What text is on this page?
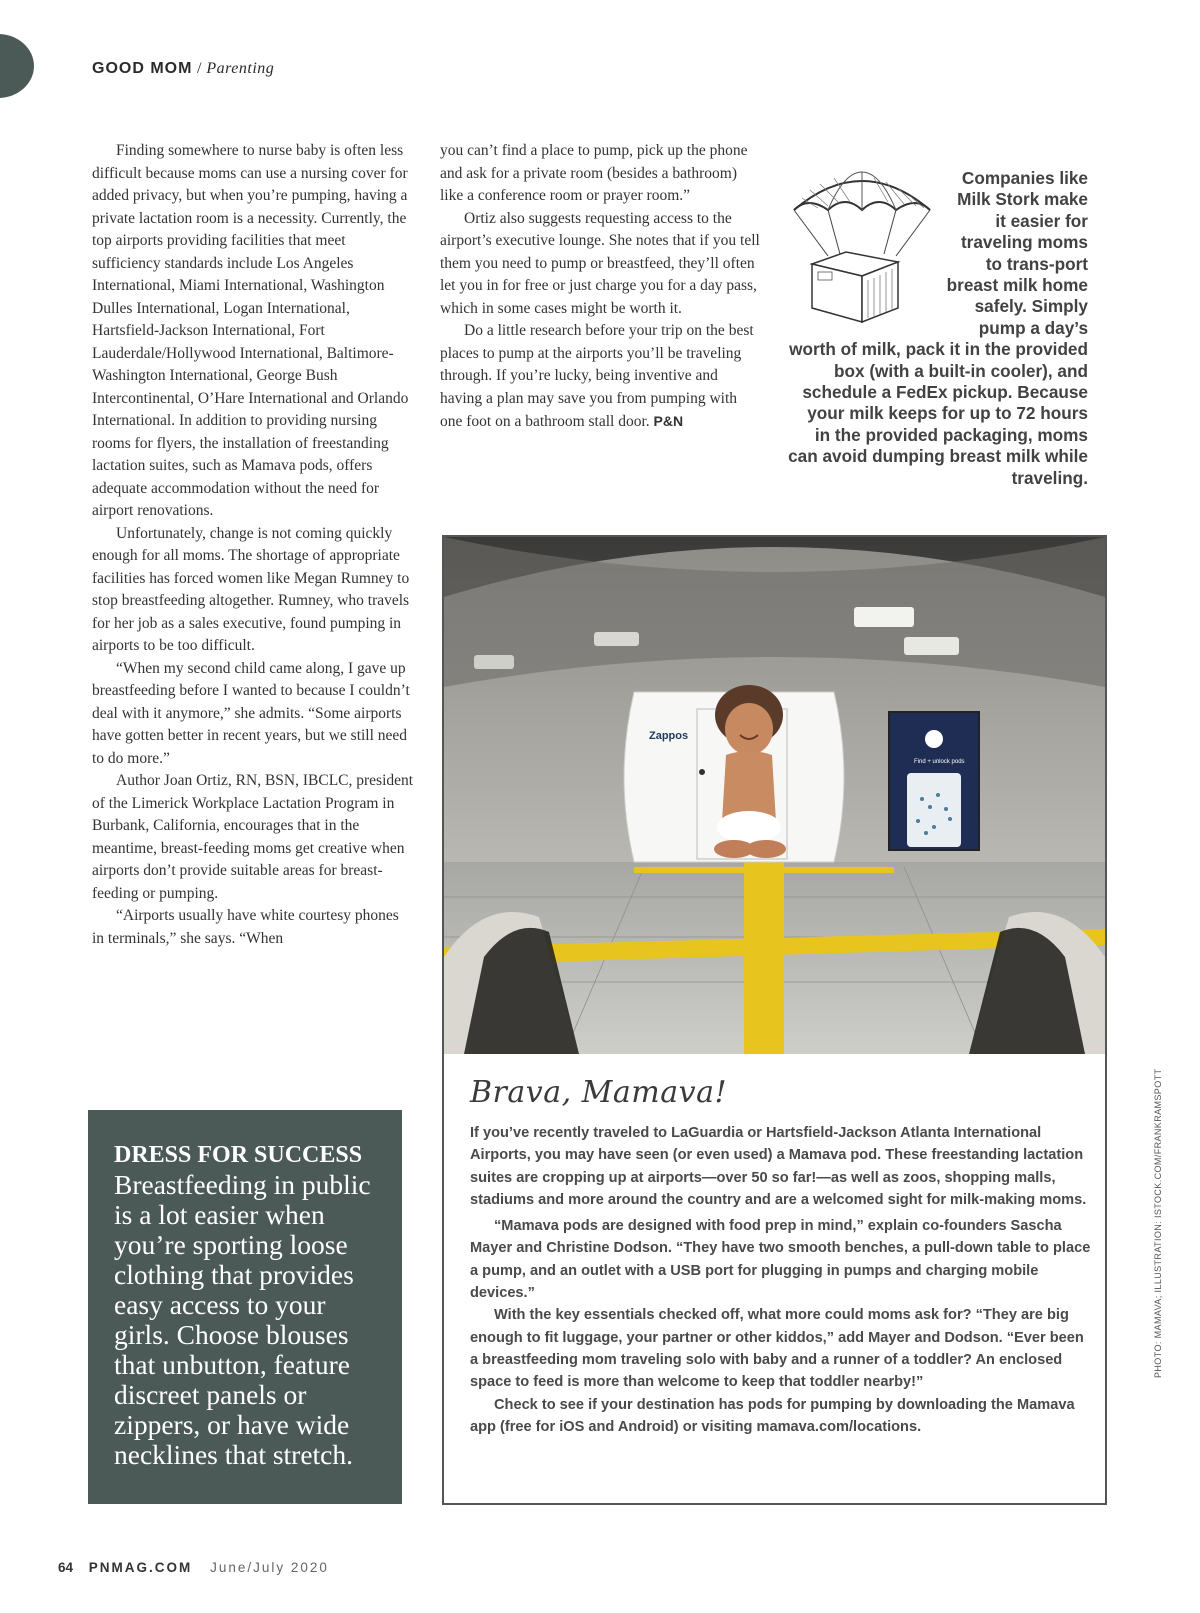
GOOD MOM / Parenting

Finding somewhere to nurse baby is often less difficult because moms can use a nursing cover for added privacy, but when you’re pumping, having a private lactation room is a necessity. Currently, the top airports providing facilities that meet sufficiency standards include Los Angeles International, Miami International, Washington Dulles International, Logan International, Hartsfield-Jackson International, Fort Lauderdale/Hollywood International, Baltimore-Washington International, George Bush Intercontinental, O’Hare International and Orlando International. In addition to providing nursing rooms for flyers, the installation of freestanding lactation suites, such as Mamava pods, offers adequate accommodation without the need for airport renovations.

Unfortunately, change is not coming quickly enough for all moms. The shortage of appropriate facilities has forced women like Megan Rumney to stop breastfeeding altogether. Rumney, who travels for her job as a sales executive, found pumping in airports to be too difficult.

“When my second child came along, I gave up breastfeeding before I wanted to because I couldn’t deal with it anymore,” she admits. “Some airports have gotten better in recent years, but we still need to do more.”

Author Joan Ortiz, RN, BSN, IBCLC, president of the Limerick Workplace Lactation Program in Burbank, California, encourages that in the meantime, breast-feeding moms get creative when airports don’t provide suitable areas for breast-feeding or pumping.

“Airports usually have white courtesy phones in terminals,” she says. “When

you can’t find a place to pump, pick up the phone and ask for a private room (besides a bathroom) like a conference room or prayer room.”

Ortiz also suggests requesting access to the airport’s executive lounge. She notes that if you tell them you need to pump or breastfeed, they’ll often let you in for free or just charge you for a day pass, which in some cases might be worth it.

Do a little research before your trip on the best places to pump at the airports you’ll be traveling through. If you’re lucky, being inventive and having a plan may save you from pumping with one foot on a bathroom stall door. P&N

Companies like Milk Stork make it easier for traveling moms to trans-port breast milk home safely. Simply pump a day’s worth of milk, pack it in the provided box (with a built-in cooler), and schedule a FedEx pickup. Because your milk keeps for up to 72 hours in the provided packaging, moms can avoid dumping breast milk while traveling.
Zappos
Find + unlock pods
Brava, Mamava!

If you’ve recently traveled to LaGuardia or Hartsfield-Jackson Atlanta International Airports, you may have seen (or even used) a Mamava pod. These freestanding lactation suites are cropping up at airports—over 50 so far!—as well as zoos, shopping malls, stadiums and more around the country and are a welcomed sight for milk-making moms.

“Mamava pods are designed with food prep in mind,” explain co-founders Sascha Mayer and Christine Dodson. “They have two smooth benches, a pull-down table to place a pump, and an outlet with a USB port for plugging in pumps and charging mobile devices.”

With the key essentials checked off, what more could moms ask for? “They are big enough to fit luggage, your partner or other kiddos,” add Mayer and Dodson. “Ever been a breastfeeding mom traveling solo with baby and a runner of a toddler? An enclosed space to feed is more than welcome to keep that toddler nearby!”

Check to see if your destination has pods for pumping by downloading the Mamava app (free for iOS and Android) or visiting mamava.com/locations.

DRESS FOR SUCCESS
Breastfeeding in public is a lot easier when you’re sporting loose clothing that provides easy access to your girls. Choose blouses that unbutton, feature discreet panels or zippers, or have wide necklines that stretch.
PHOTO: MAMAVA; ILLUSTRATION: ISTOCK.COM/FRANKRAMSPOTT
64 PNMAG.COM June/July 2020
